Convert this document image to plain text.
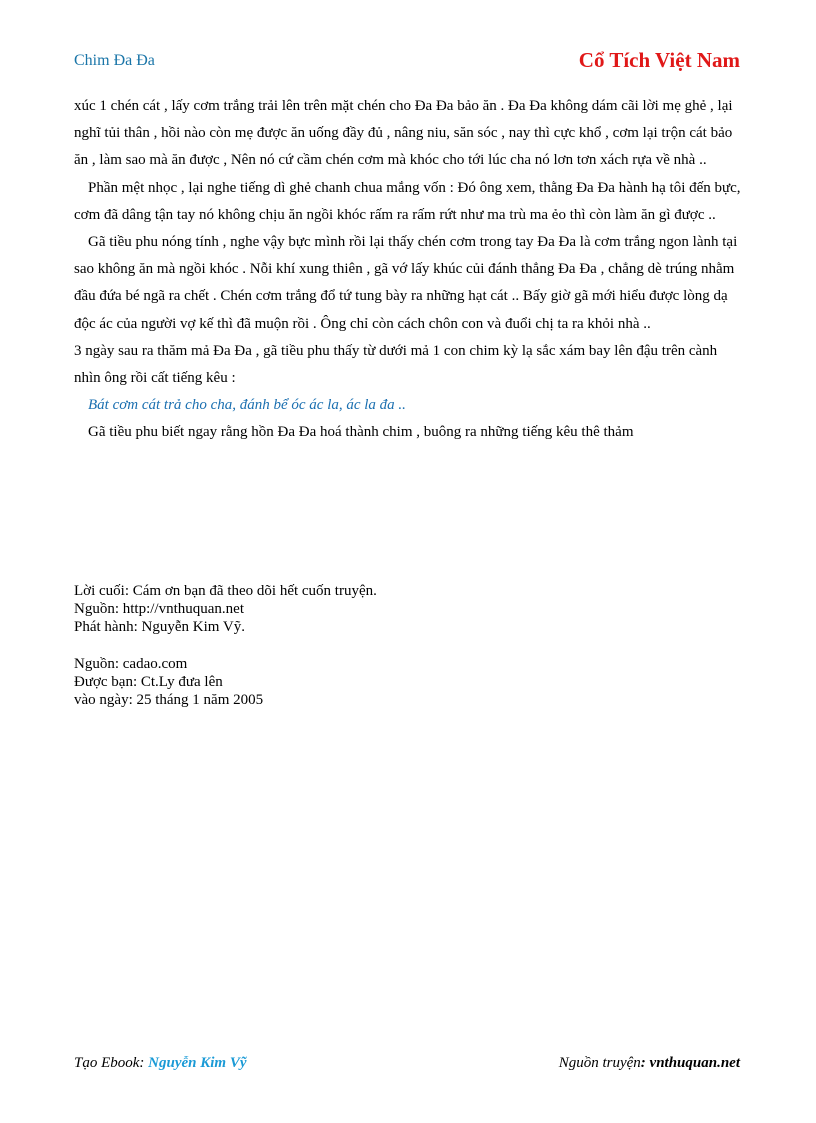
Chim Đa Đa	Cổ Tích Việt Nam

xúc 1 chén cát , lấy cơm trắng trải lên trên mặt chén cho Đa Đa bảo ăn . Đa Đa không dám cãi lời mẹ ghẻ , lại nghĩ tủi thân , hồi nào còn mẹ được ăn uống đầy đủ , nâng niu, săn sóc , nay thì cực khổ , cơm lại trộn cát bảo ăn , làm sao mà ăn được , Nên nó cứ cầm chén cơm mà khóc cho tới lúc cha nó lơn tơn xách rựa về nhà ..

Phần mệt nhọc , lại nghe tiếng dì ghẻ chanh chua mắng vốn : Đó ông xem, thằng Đa Đa hành hạ tôi đến bực, cơm đã dâng tận tay nó không chịu ăn ngồi khóc rấm ra rấm rứt như ma trù ma ẻo thì còn làm ăn gì được ..

Gã tiều phu nóng tính , nghe vậy bực mình rồi lại thấy chén cơm trong tay Đa Đa là cơm trắng ngon lành tại sao không ăn mà ngồi khóc . Nỗi khí xung thiên , gã vớ lấy khúc củi đánh thẳng Đa Đa , chẳng dè trúng nhằm đầu đứa bé ngã ra chết . Chén cơm trắng đổ tứ tung bày ra những hạt cát .. Bấy giờ gã mới hiểu được lòng dạ độc ác của người vợ kế thì đã muộn rồi . Ông chỉ còn cách chôn con và đuổi chị ta ra khỏi nhà ..

3 ngày sau ra thăm mả Đa Đa , gã tiều phu thấy từ dưới mả 1 con chim kỳ lạ sắc xám bay lên đậu trên cành nhìn ông rồi cất tiếng kêu :

Bát cơm cát trả cho cha, đánh bể óc ác la, ác la đa ..

Gã tiều phu biết ngay rằng hồn Đa Đa hoá thành chim , buông ra những tiếng kêu thê thảm

Lời cuối: Cám ơn bạn đã theo dõi hết cuốn truyện.

Nguồn: http://vnthuquan.net

Phát hành: Nguyễn Kim Vỹ.

Nguồn: cadao.com

Được bạn: Ct.Ly đưa lên

vào ngày: 25 tháng 1 năm 2005

Tạo Ebook: Nguyễn Kim Vỹ	Nguồn truyện: vnthuquan.net
